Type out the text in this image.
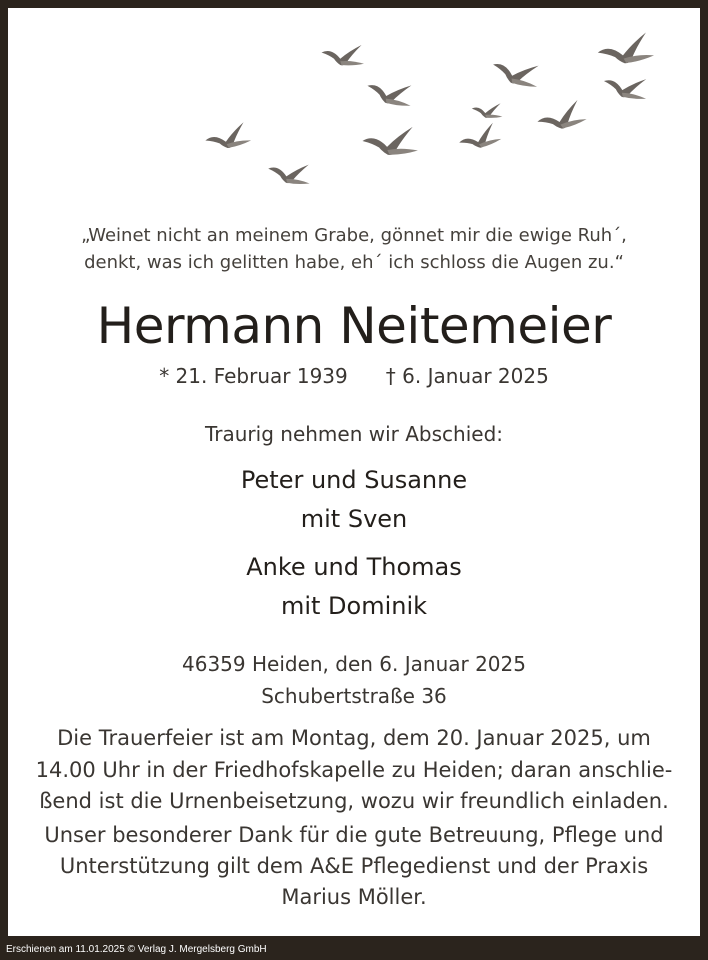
„Weinet nicht an meinem Grabe, gönnet mir die ewige Ruh´,
denkt, was ich gelitten habe, eh´ ich schloss die Augen zu.“
Hermann Neitemeier
* 21. Februar 1939 † 6. Januar 2025
Traurig nehmen wir Abschied:
Peter und Susanne
mit Sven
Anke und Thomas
mit Dominik
46359 Heiden, den 6. Januar 2025
Schubertstraße 36
Die Trauerfeier ist am Montag, dem 20. Januar 2025, um
14.00 Uhr in der Friedhofskapelle zu Heiden; daran anschlie-
ßend ist die Urnenbeisetzung, wozu wir freundlich einladen.
Unser besonderer Dank für die gute Betreuung, Pflege und
Unterstützung gilt dem A&E Pflegedienst und der Praxis
Marius Möller.
Erschienen am 11.01.2025 © Verlag J. Mergelsberg GmbH
